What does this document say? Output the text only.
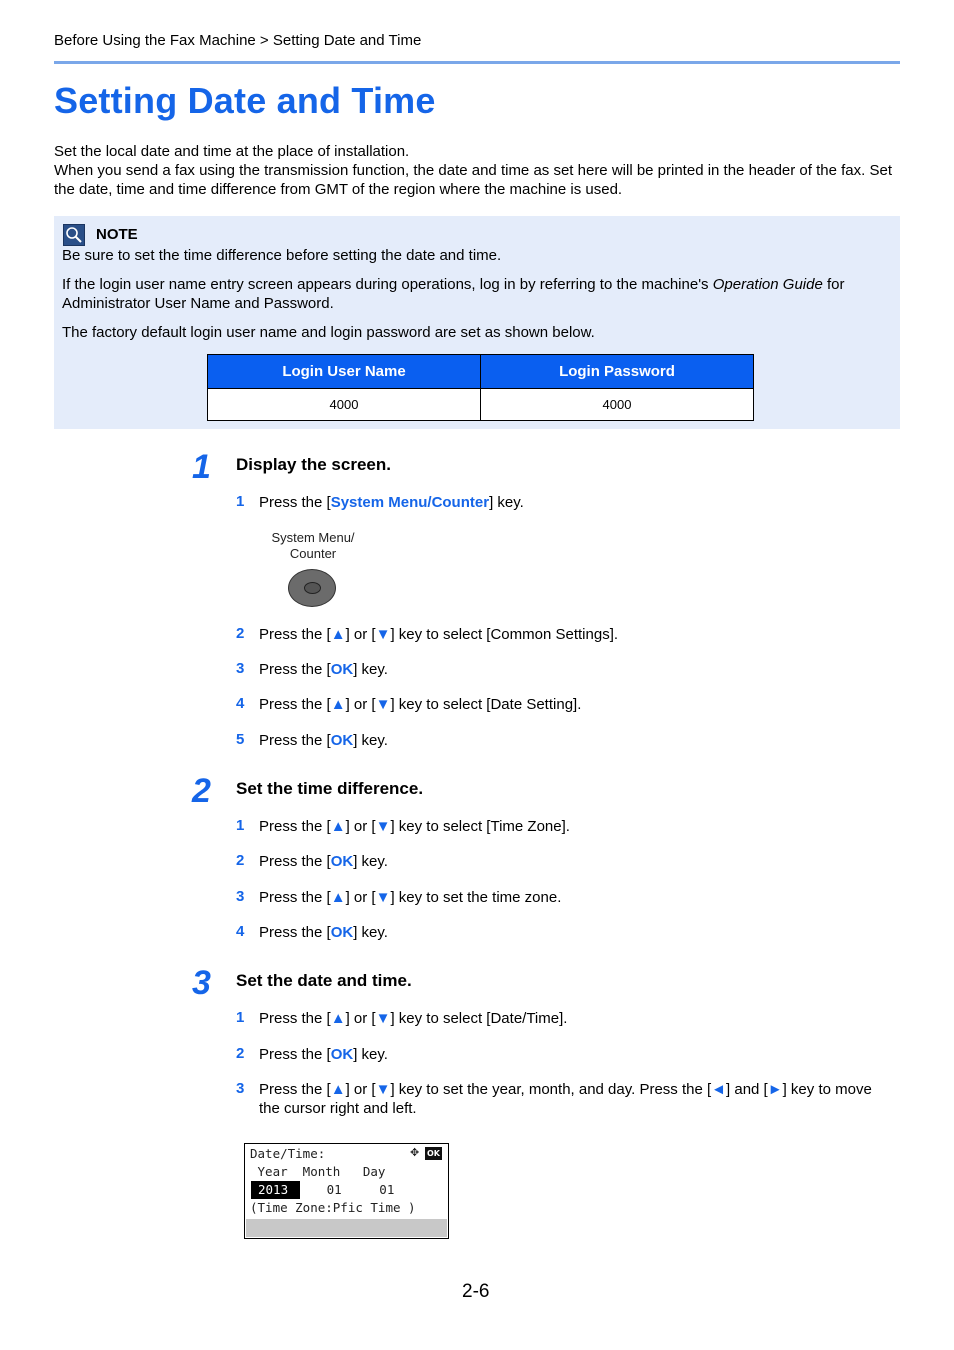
Before Using the Fax Machine > Setting Date and Time
Setting Date and Time

Set the local date and time at the place of installation.

When you send a fax using the transmission function, the date and time as set here will be printed in the header of the fax. Set the date, time and time difference from GMT of the region where the machine is used.

NOTE

Be sure to set the time difference before setting the date and time.

If the login user name entry screen appears during operations, log in by referring to the machine's Operation Guide for Administrator User Name and Password.

The factory default login user name and login password are set as shown below.

Login User Name	Login Password
4000	4000
1 Display the screen.
1 Press the [System Menu/Counter] key.
System Menu/
Counter
2 Press the [▲] or [▼] key to select [Common Settings].
3 Press the [OK] key.
4 Press the [▲] or [▼] key to select [Date Setting].
5 Press the [OK] key.
2 Set the time difference.
1 Press the [▲] or [▼] key to select [Time Zone].
2 Press the [OK] key.
3 Press the [▲] or [▼] key to set the time zone.
4 Press the [OK] key.
3 Set the date and time.
1 Press the [▲] or [▼] key to select [Date/Time].
2 Press the [OK] key.
3 Press the [▲] or [▼] key to set the year, month, and day. Press the [◄] and [►] key to move the cursor right and left.
Date/Time:	✥ OK
Year  Month   Day
2013 01     01
(Time Zone:Pfic Time )
2-6
